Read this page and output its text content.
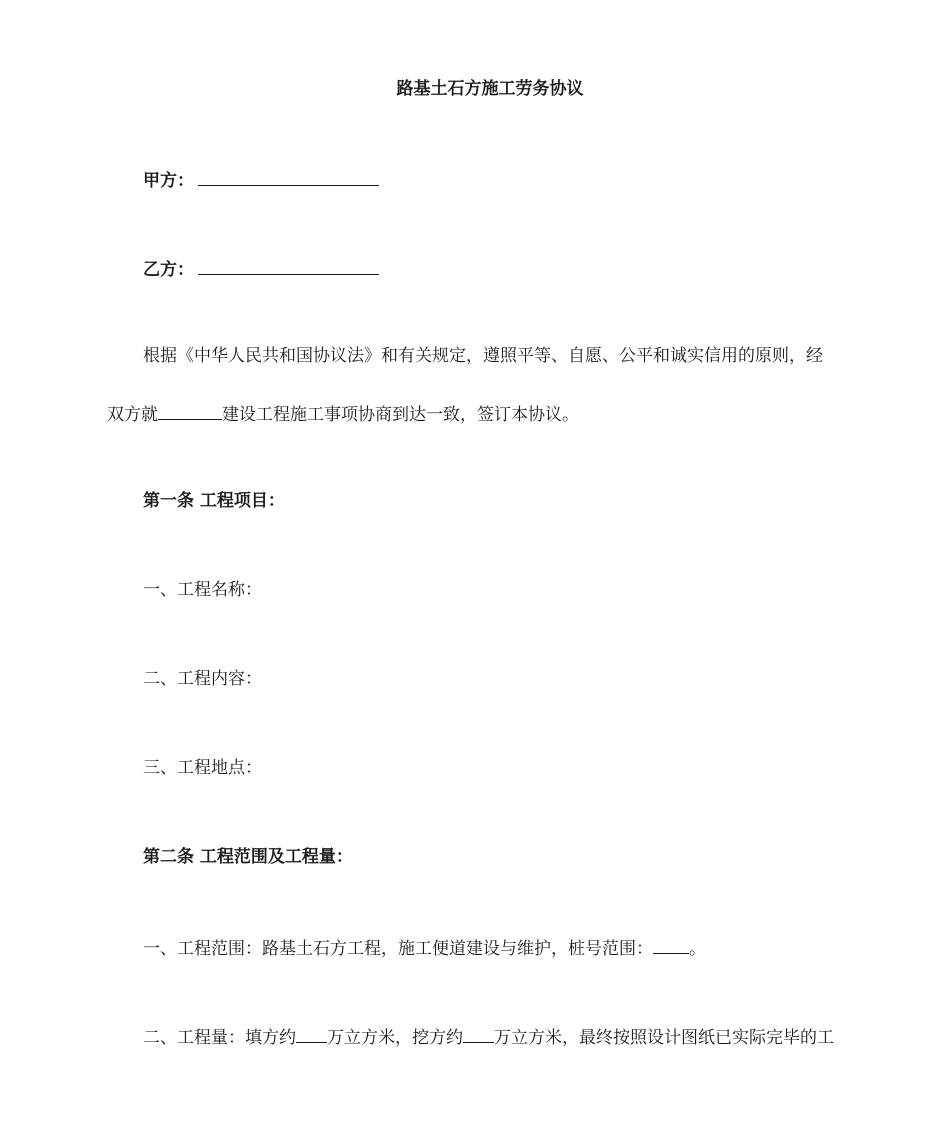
路基土石方施工劳务协议
甲方：
乙方：
根据《中华人民共和国协议法》和有关规定，遵照平等、自愿、公平和诚实信用的原则，经
双方就	建设工程施工事项协商到达一致，签订本协议。
第一条 工程项目：
一、工程名称：
二、工程内容：
三、工程地点：
第二条 工程范围及工程量：
一、工程范围：路基土石方工程，施工便道建设与维护，桩号范围： 。
二、工程量：填方约 万立方米，挖方约 万立方米，最终按照设计图纸已实际完毕的工
